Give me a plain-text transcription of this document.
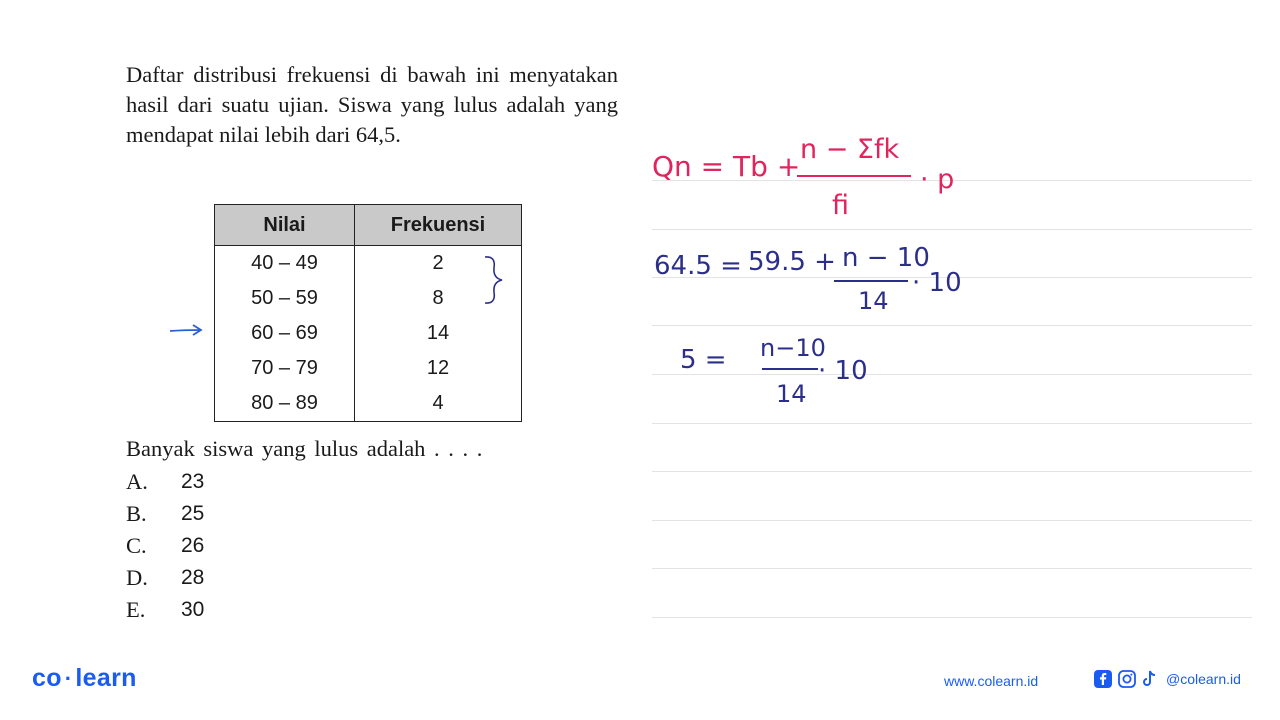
Daftar distribusi frekuensi di bawah ini menyatakan hasil dari suatu ujian. Siswa yang lulus adalah yang mendapat nilai lebih dari 64,5.
Nilai	Frekuensi
40 – 49	2
50 – 59	8
60 – 69	14
70 – 79	12
80 – 89	4
Banyak siswa yang lulus adalah . . . .
A.	23
B.	25
C.	26
D.	28
E.	30
Qn = Tb +
n − Σfk
fi
· p
64.5 = 59.5 + n − 10
14
· 10
5 = n−10
14
· 10
co · learn	www.colearn.id	@colearn.id
